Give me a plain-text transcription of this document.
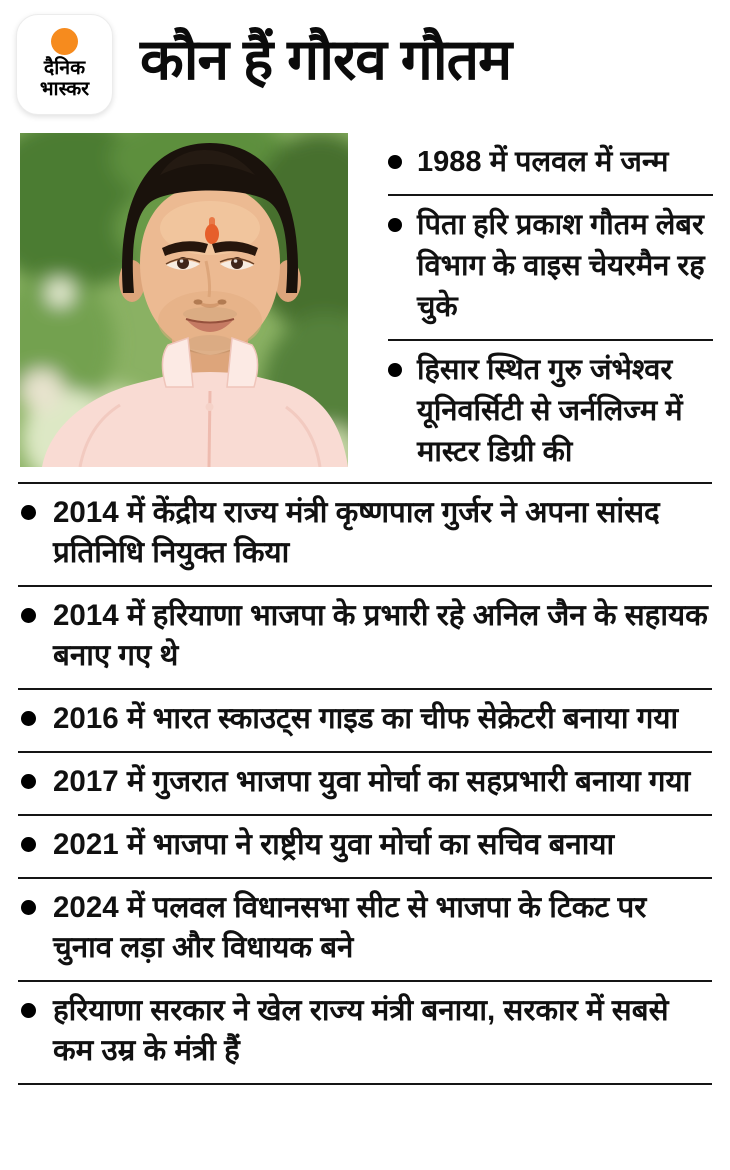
दैनिक
भास्कर कौन हैं गौरव गौतम
1988 में पलवल में जन्म
पिता हरि प्रकाश गौतम लेबर विभाग के वाइस चेयरमैन रह चुके
हिसार स्थित गुरु जंभेश्वर यूनिवर्सिटी से जर्नलिज्म में मास्टर डिग्री की
2014 में केंद्रीय राज्य मंत्री कृष्णपाल गुर्जर ने अपना सांसद प्रतिनिधि नियुक्त किया
2014 में हरियाणा भाजपा के प्रभारी रहे अनिल जैन के सहायक बनाए गए थे
2016 में भारत स्काउट्स गाइड का चीफ सेक्रेटरी बनाया गया
2017 में गुजरात भाजपा युवा मोर्चा का सहप्रभारी बनाया गया
2021 में भाजपा ने राष्ट्रीय युवा मोर्चा का सचिव बनाया
2024 में पलवल विधानसभा सीट से भाजपा के टिकट पर चुनाव लड़ा और विधायक बने
हरियाणा सरकार ने खेल राज्य मंत्री बनाया, सरकार में सबसे कम उम्र के मंत्री हैं
